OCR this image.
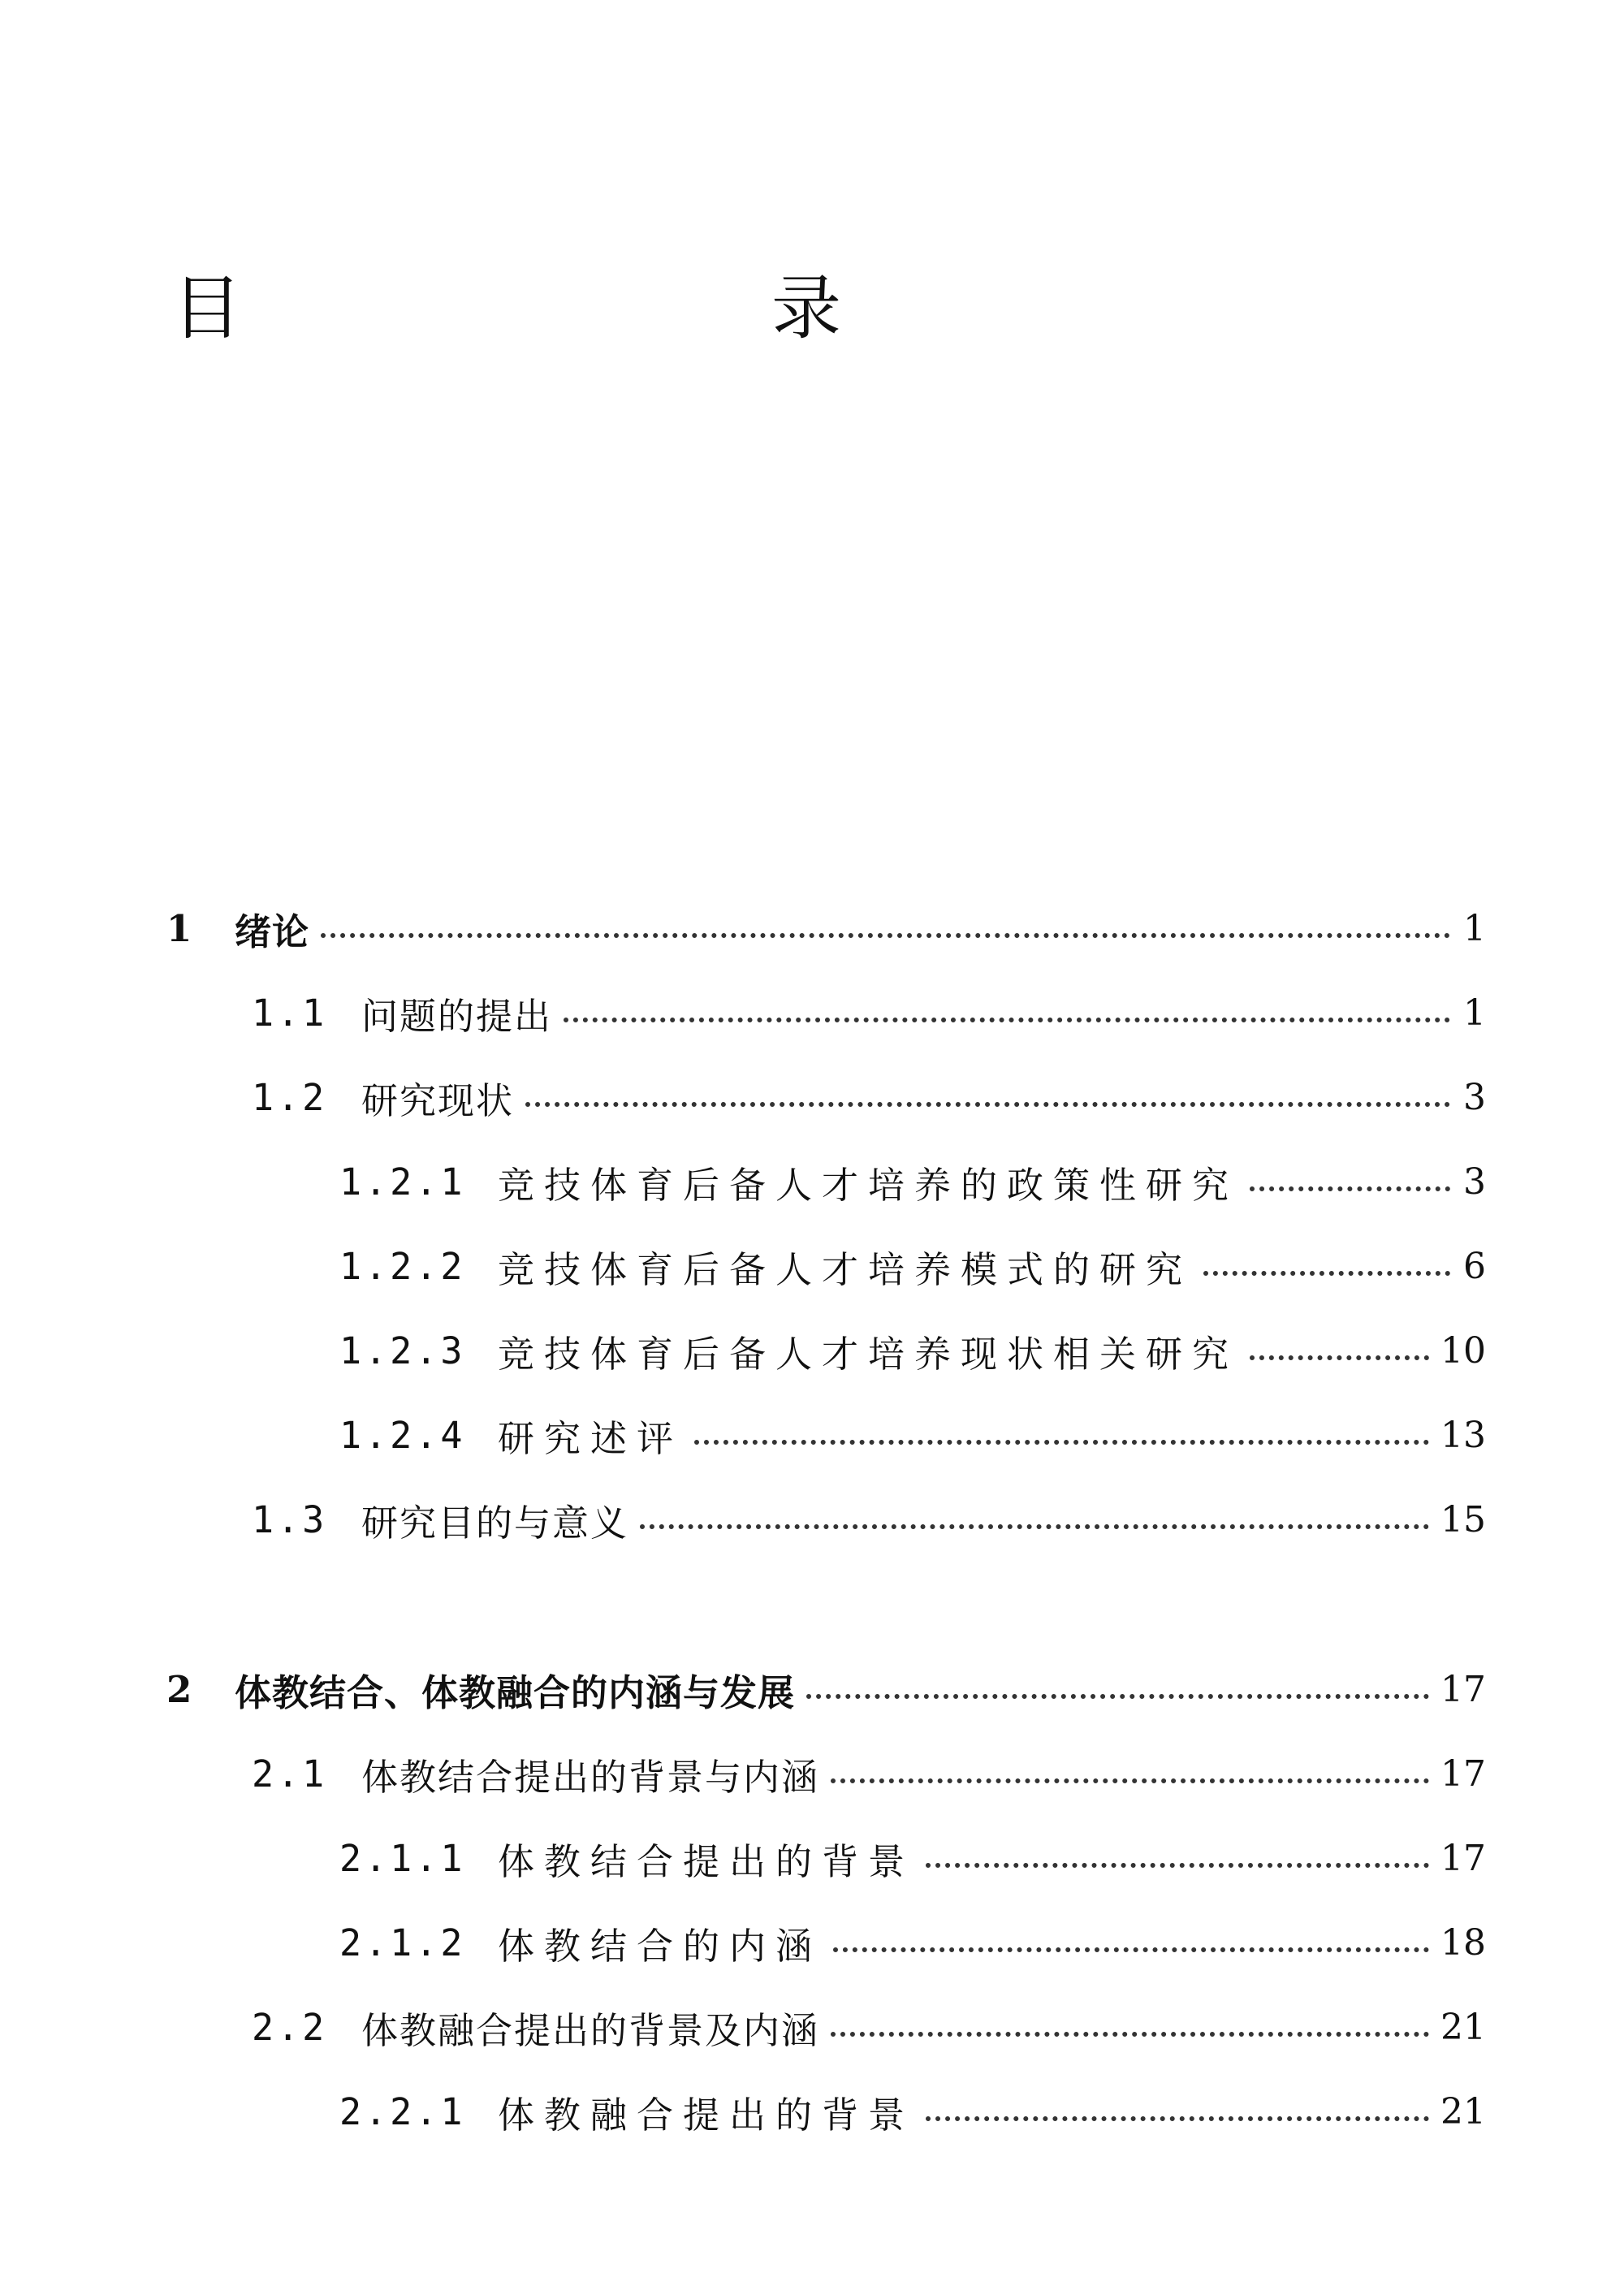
目　　录
1	绪论	1
1.1 问题的提出	1
1.2 研究现状	3
1.2.1 竞技体育后备人才培养的政策性研究	3
1.2.2 竞技体育后备人才培养模式的研究	6
1.2.3 竞技体育后备人才培养现状相关研究	10
1.2.4 研究述评	13
1.3 研究目的与意义	15
2	体教结合、体教融合的内涵与发展	17
2.1 体教结合提出的背景与内涵	17
2.1.1 体教结合提出的背景	17
2.1.2 体教结合的内涵	18
2.2 体教融合提出的背景及内涵	21
2.2.1 体教融合提出的背景	21
